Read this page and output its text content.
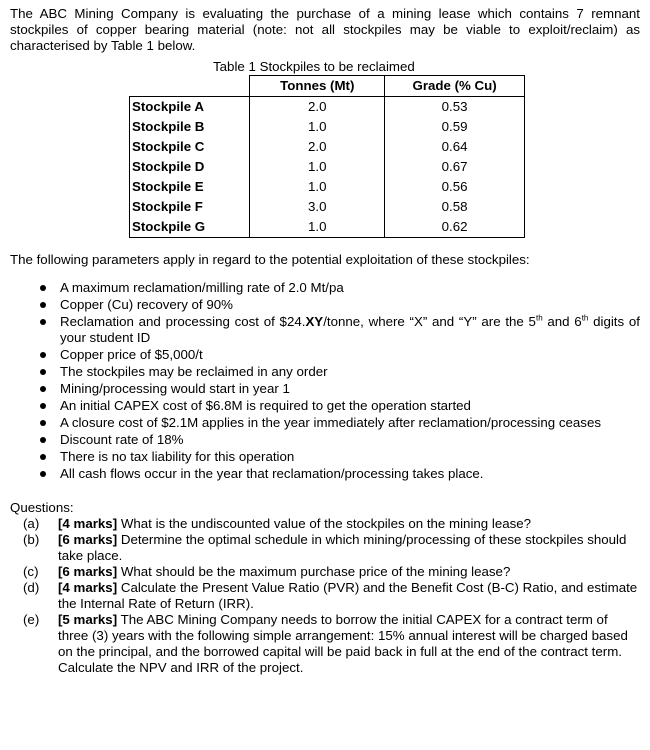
The ABC Mining Company is evaluating the purchase of a mining lease which contains 7 remnant stockpiles of copper bearing material (note: not all stockpiles may be viable to exploit/reclaim) as characterised by Table 1 below.

Table 1 Stockpiles to be reclaimed
	Tonnes (Mt)	Grade (% Cu)
Stockpile A	2.0	0.53
Stockpile B	1.0	0.59
Stockpile C	2.0	0.64
Stockpile D	1.0	0.67
Stockpile E	1.0	0.56
Stockpile F	3.0	0.58
Stockpile G	1.0	0.62

The following parameters apply in regard to the potential exploitation of these stockpiles:

A maximum reclamation/milling rate of 2.0 Mt/pa
Copper (Cu) recovery of 90%
Reclamation and processing cost of $24.XY/tonne, where “X” and “Y” are the 5th and 6th digits of your student ID
Copper price of $5,000/t
The stockpiles may be reclaimed in any order
Mining/processing would start in year 1
An initial CAPEX cost of $6.8M is required to get the operation started
A closure cost of $2.1M applies in the year immediately after reclamation/processing ceases
Discount rate of 18%
There is no tax liability for this operation
All cash flows occur in the year that reclamation/processing takes place.

Questions:

(a) [4 marks] What is the undiscounted value of the stockpiles on the mining lease?
(b) [6 marks] Determine the optimal schedule in which mining/processing of these stockpiles should take place.
(c) [6 marks] What should be the maximum purchase price of the mining lease?
(d) [4 marks] Calculate the Present Value Ratio (PVR) and the Benefit Cost (B-C) Ratio, and estimate the Internal Rate of Return (IRR).
(e) [5 marks] The ABC Mining Company needs to borrow the initial CAPEX for a contract term of three (3) years with the following simple arrangement: 15% annual interest will be charged based on the principal, and the borrowed capital will be paid back in full at the end of the contract term. Calculate the NPV and IRR of the project.
